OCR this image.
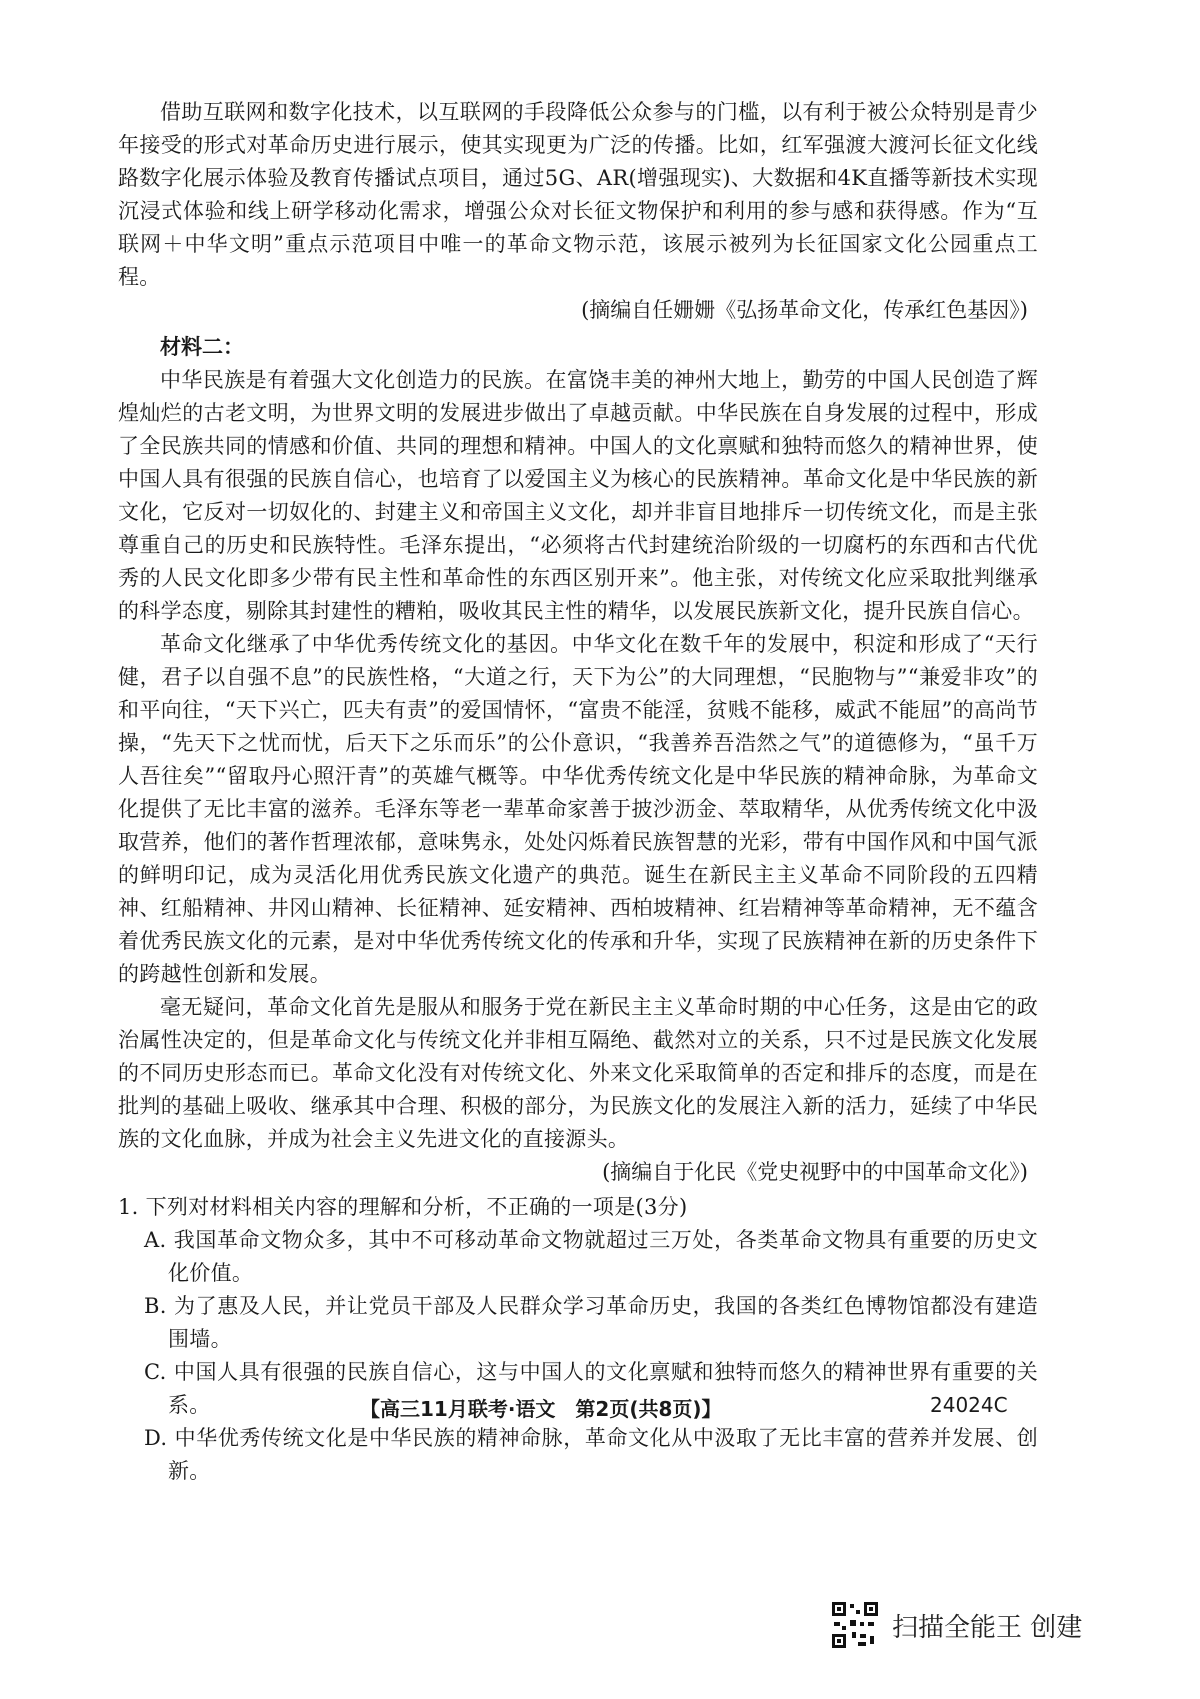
借助互联网和数字化技术，以互联网的手段降低公众参与的门槛，以有利于被公众特别是青少年接受的形式对革命历史进行展示，使其实现更为广泛的传播。比如，红军强渡大渡河长征文化线路数字化展示体验及教育传播试点项目，通过5G、AR(增强现实)、大数据和4K直播等新技术实现沉浸式体验和线上研学移动化需求，增强公众对长征文物保护和利用的参与感和获得感。作为“互联网＋中华文明”重点示范项目中唯一的革命文物示范，该展示被列为长征国家文化公园重点工程。

(摘编自任姗姗《弘扬革命文化，传承红色基因》)
材料二：

中华民族是有着强大文化创造力的民族。在富饶丰美的神州大地上，勤劳的中国人民创造了辉煌灿烂的古老文明，为世界文明的发展进步做出了卓越贡献。中华民族在自身发展的过程中，形成了全民族共同的情感和价值、共同的理想和精神。中国人的文化禀赋和独特而悠久的精神世界，使中国人具有很强的民族自信心，也培育了以爱国主义为核心的民族精神。革命文化是中华民族的新文化，它反对一切奴化的、封建主义和帝国主义文化，却并非盲目地排斥一切传统文化，而是主张尊重自己的历史和民族特性。毛泽东提出，“必须将古代封建统治阶级的一切腐朽的东西和古代优秀的人民文化即多少带有民主性和革命性的东西区别开来”。他主张，对传统文化应采取批判继承的科学态度，剔除其封建性的糟粕，吸收其民主性的精华，以发展民族新文化，提升民族自信心。

革命文化继承了中华优秀传统文化的基因。中华文化在数千年的发展中，积淀和形成了“天行健，君子以自强不息”的民族性格，“大道之行，天下为公”的大同理想，“民胞物与”“兼爱非攻”的和平向往，“天下兴亡，匹夫有责”的爱国情怀，“富贵不能淫，贫贱不能移，威武不能屈”的高尚节操，“先天下之忧而忧，后天下之乐而乐”的公仆意识，“我善养吾浩然之气”的道德修为，“虽千万人吾往矣”“留取丹心照汗青”的英雄气概等。中华优秀传统文化是中华民族的精神命脉，为革命文化提供了无比丰富的滋养。毛泽东等老一辈革命家善于披沙沥金、萃取精华，从优秀传统文化中汲取营养，他们的著作哲理浓郁，意味隽永，处处闪烁着民族智慧的光彩，带有中国作风和中国气派的鲜明印记，成为灵活化用优秀民族文化遗产的典范。诞生在新民主主义革命不同阶段的五四精神、红船精神、井冈山精神、长征精神、延安精神、西柏坡精神、红岩精神等革命精神，无不蕴含着优秀民族文化的元素，是对中华优秀传统文化的传承和升华，实现了民族精神在新的历史条件下的跨越性创新和发展。

毫无疑问，革命文化首先是服从和服务于党在新民主主义革命时期的中心任务，这是由它的政治属性决定的，但是革命文化与传统文化并非相互隔绝、截然对立的关系，只不过是民族文化发展的不同历史形态而已。革命文化没有对传统文化、外来文化采取简单的否定和排斥的态度，而是在批判的基础上吸收、继承其中合理、积极的部分，为民族文化的发展注入新的活力，延续了中华民族的文化血脉，并成为社会主义先进文化的直接源头。

(摘编自于化民《党史视野中的中国革命文化》)

1. 下列对材料相关内容的理解和分析，不正确的一项是(3分)

A. 我国革命文物众多，其中不可移动革命文物就超过三万处，各类革命文物具有重要的历史文化价值。

B. 为了惠及人民，并让党员干部及人民群众学习革命历史，我国的各类红色博物馆都没有建造围墙。

C. 中国人具有很强的民族自信心，这与中国人的文化禀赋和独特而悠久的精神世界有重要的关系。

D. 中华优秀传统文化是中华民族的精神命脉，革命文化从中汲取了无比丰富的营养并发展、创新。

【高三11月联考·语文　第2页(共8页)】	24024C
扫描全能王 创建
